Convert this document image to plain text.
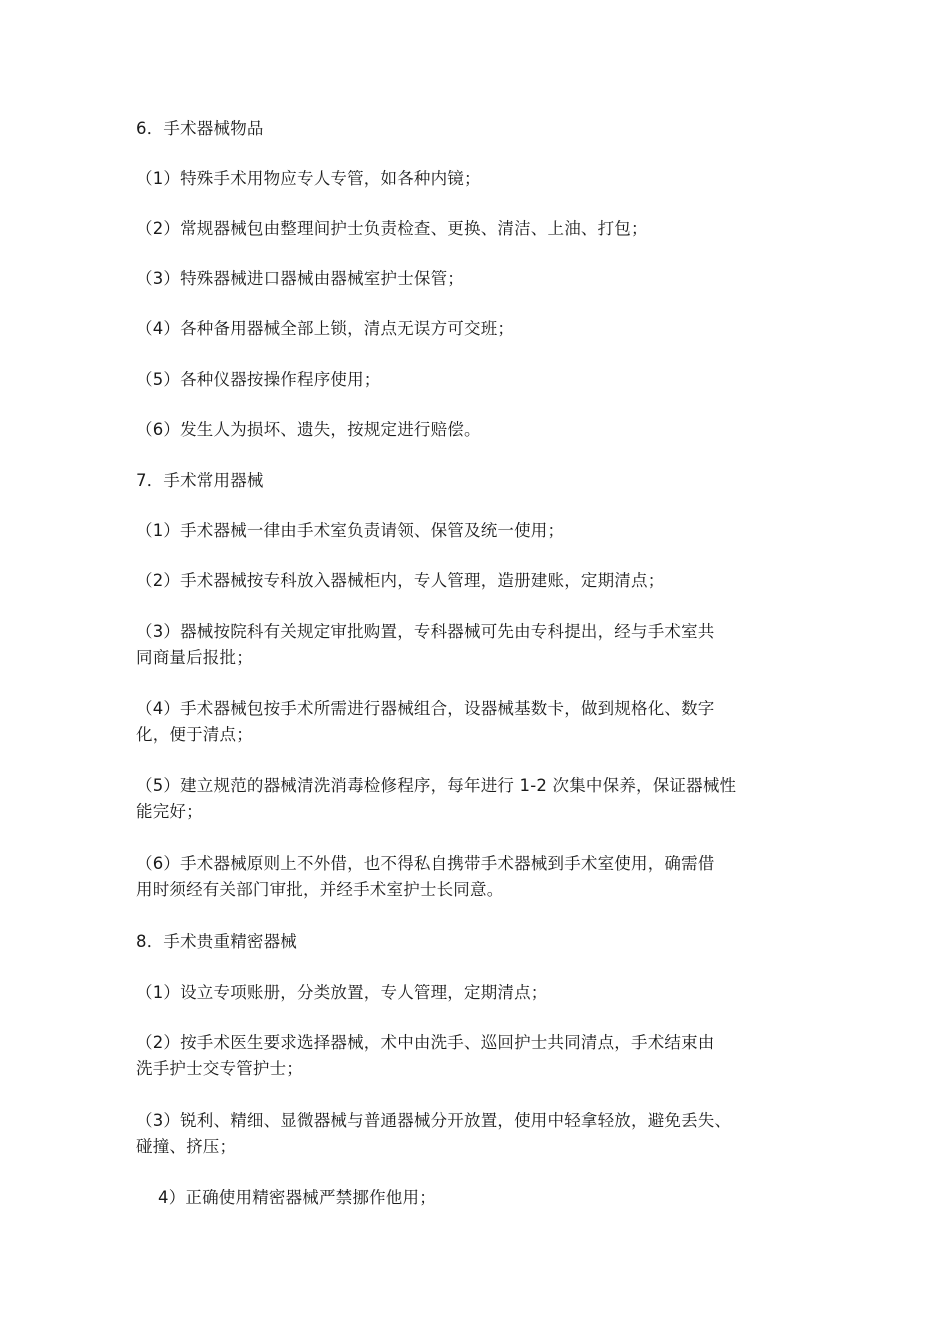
6．手术器械物品

（1）特殊手术用物应专人专管，如各种内镜；

（2）常规器械包由整理间护士负责检查、更换、清洁、上油、打包；

（3）特殊器械进口器械由器械室护士保管；

（4）各种备用器械全部上锁，清点无误方可交班；

（5）各种仪器按操作程序使用；

（6）发生人为损坏、遗失，按规定进行赔偿。

7．手术常用器械

（1）手术器械一律由手术室负责请领、保管及统一使用；

（2）手术器械按专科放入器械柜内，专人管理，造册建账，定期清点；

（3）器械按院科有关规定审批购置，专科器械可先由专科提出，经与手术室共

同商量后报批；

（4）手术器械包按手术所需进行器械组合，设器械基数卡，做到规格化、数字

化，便于清点；

（5）建立规范的器械清洗消毒检修程序，每年进行 1-2 次集中保养，保证器械性

能完好；

（6）手术器械原则上不外借，也不得私自携带手术器械到手术室使用，确需借

用时须经有关部门审批，并经手术室护士长同意。

8．手术贵重精密器械

（1）设立专项账册，分类放置，专人管理，定期清点；

（2）按手术医生要求选择器械，术中由洗手、巡回护士共同清点，手术结束由

洗手护士交专管护士；

（3）锐利、精细、显微器械与普通器械分开放置，使用中轻拿轻放，避免丢失、

碰撞、挤压；

4）正确使用精密器械严禁挪作他用；
